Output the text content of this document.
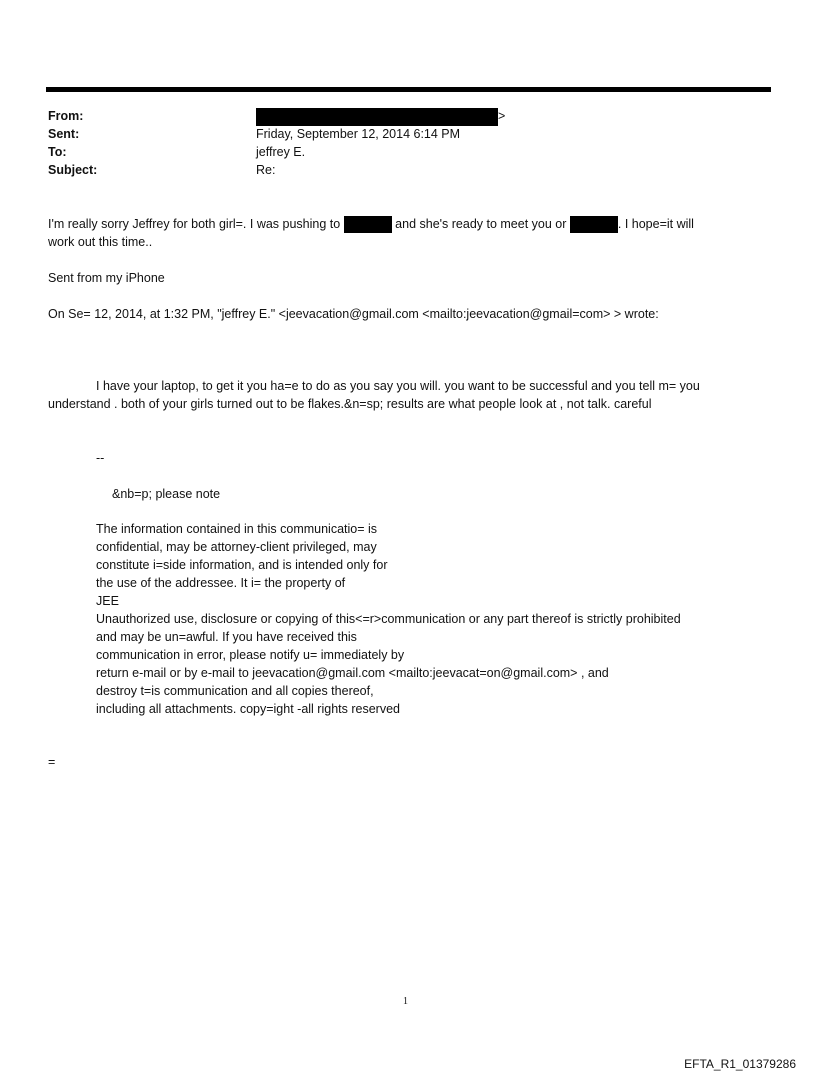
From:	>
Sent:	Friday, September 12, 2014 6:14 PM
To:	jeffrey E.
Subject:	Re:
I'm really sorry Jeffrey for both girl=. I was pushing to	and she's ready to meet you or	. I hope=it will
work out this time..
Sent from my iPhone
On Se= 12, 2014, at 1:32 PM, "jeffrey E." <jeevacation@gmail.com <mailto:jeevacation@gmail=com> > wrote:
I have your laptop, to get it you ha=e to do as you say you will. you want to be successful and you tell m= you
understand . both of your girls turned out to be flakes.&n=sp; results are what people look at , not talk. careful
--
&nb=p; please note
The information contained in this communicatio= is
confidential, may be attorney-client privileged, may
constitute i=side information, and is intended only for
the use of the addressee. It i= the property of
JEE
Unauthorized use, disclosure or copying of this<=r>communication or any part thereof is strictly prohibited
and may be un=awful. If you have received this
communication in error, please notify u= immediately by
return e-mail or by e-mail to jeevacation@gmail.com <mailto:jeevacat=on@gmail.com> , and
destroy t=is communication and all copies thereof,
including all attachments. copy=ight -all rights reserved
=
1
EFTA_R1_01379286
